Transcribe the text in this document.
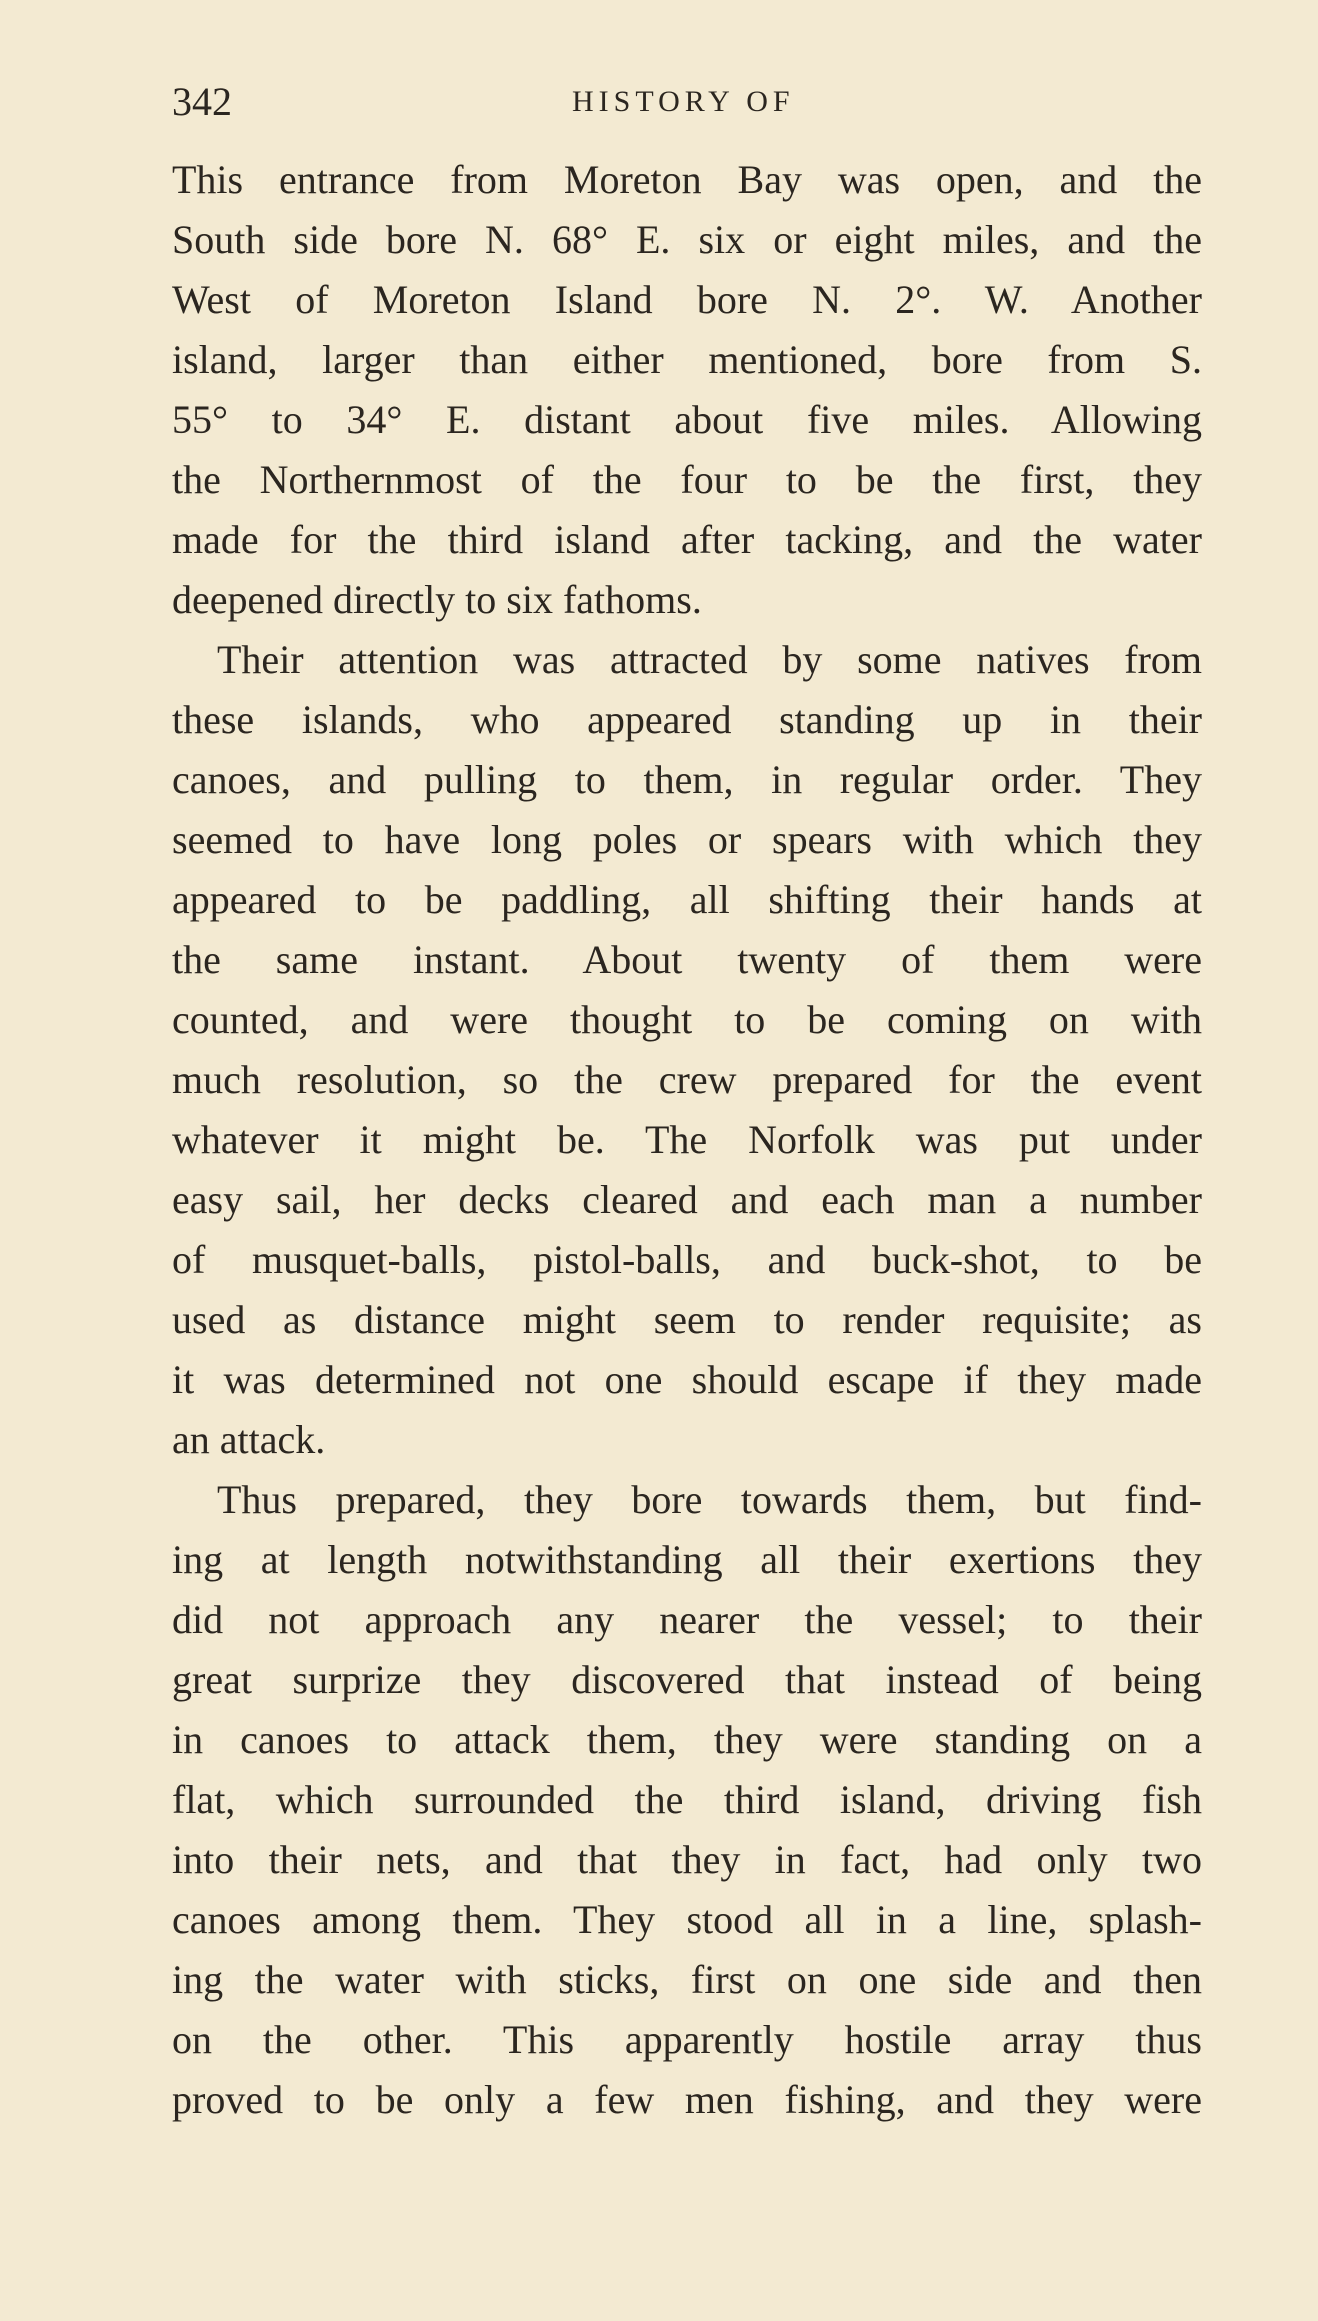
342	HISTORY OF
This entrance from Moreton Bay was open, and the
South side bore N. 68° E. six or eight miles, and the
West of Moreton Island bore N. 2°. W. Another
island, larger than either mentioned, bore from S.
55° to 34° E. distant about five miles. Allowing
the Northernmost of the four to be the first, they
made for the third island after tacking, and the water
deepened directly to six fathoms.
Their attention was attracted by some natives from
these islands, who appeared standing up in their
canoes, and pulling to them, in regular order. They
seemed to have long poles or spears with which they
appeared to be paddling, all shifting their hands at
the same instant. About twenty of them were
counted, and were thought to be coming on with
much resolution, so the crew prepared for the event
whatever it might be. The Norfolk was put under
easy sail, her decks cleared and each man a number
of musquet-balls, pistol-balls, and buck-shot, to be
used as distance might seem to render requisite; as
it was determined not one should escape if they made
an attack.
Thus prepared, they bore towards them, but find-
ing at length notwithstanding all their exertions they
did not approach any nearer the vessel; to their
great surprize they discovered that instead of being
in canoes to attack them, they were standing on a
flat, which surrounded the third island, driving fish
into their nets, and that they in fact, had only two
canoes among them. They stood all in a line, splash-
ing the water with sticks, first on one side and then
on the other. This apparently hostile array thus
proved to be only a few men fishing, and they were
